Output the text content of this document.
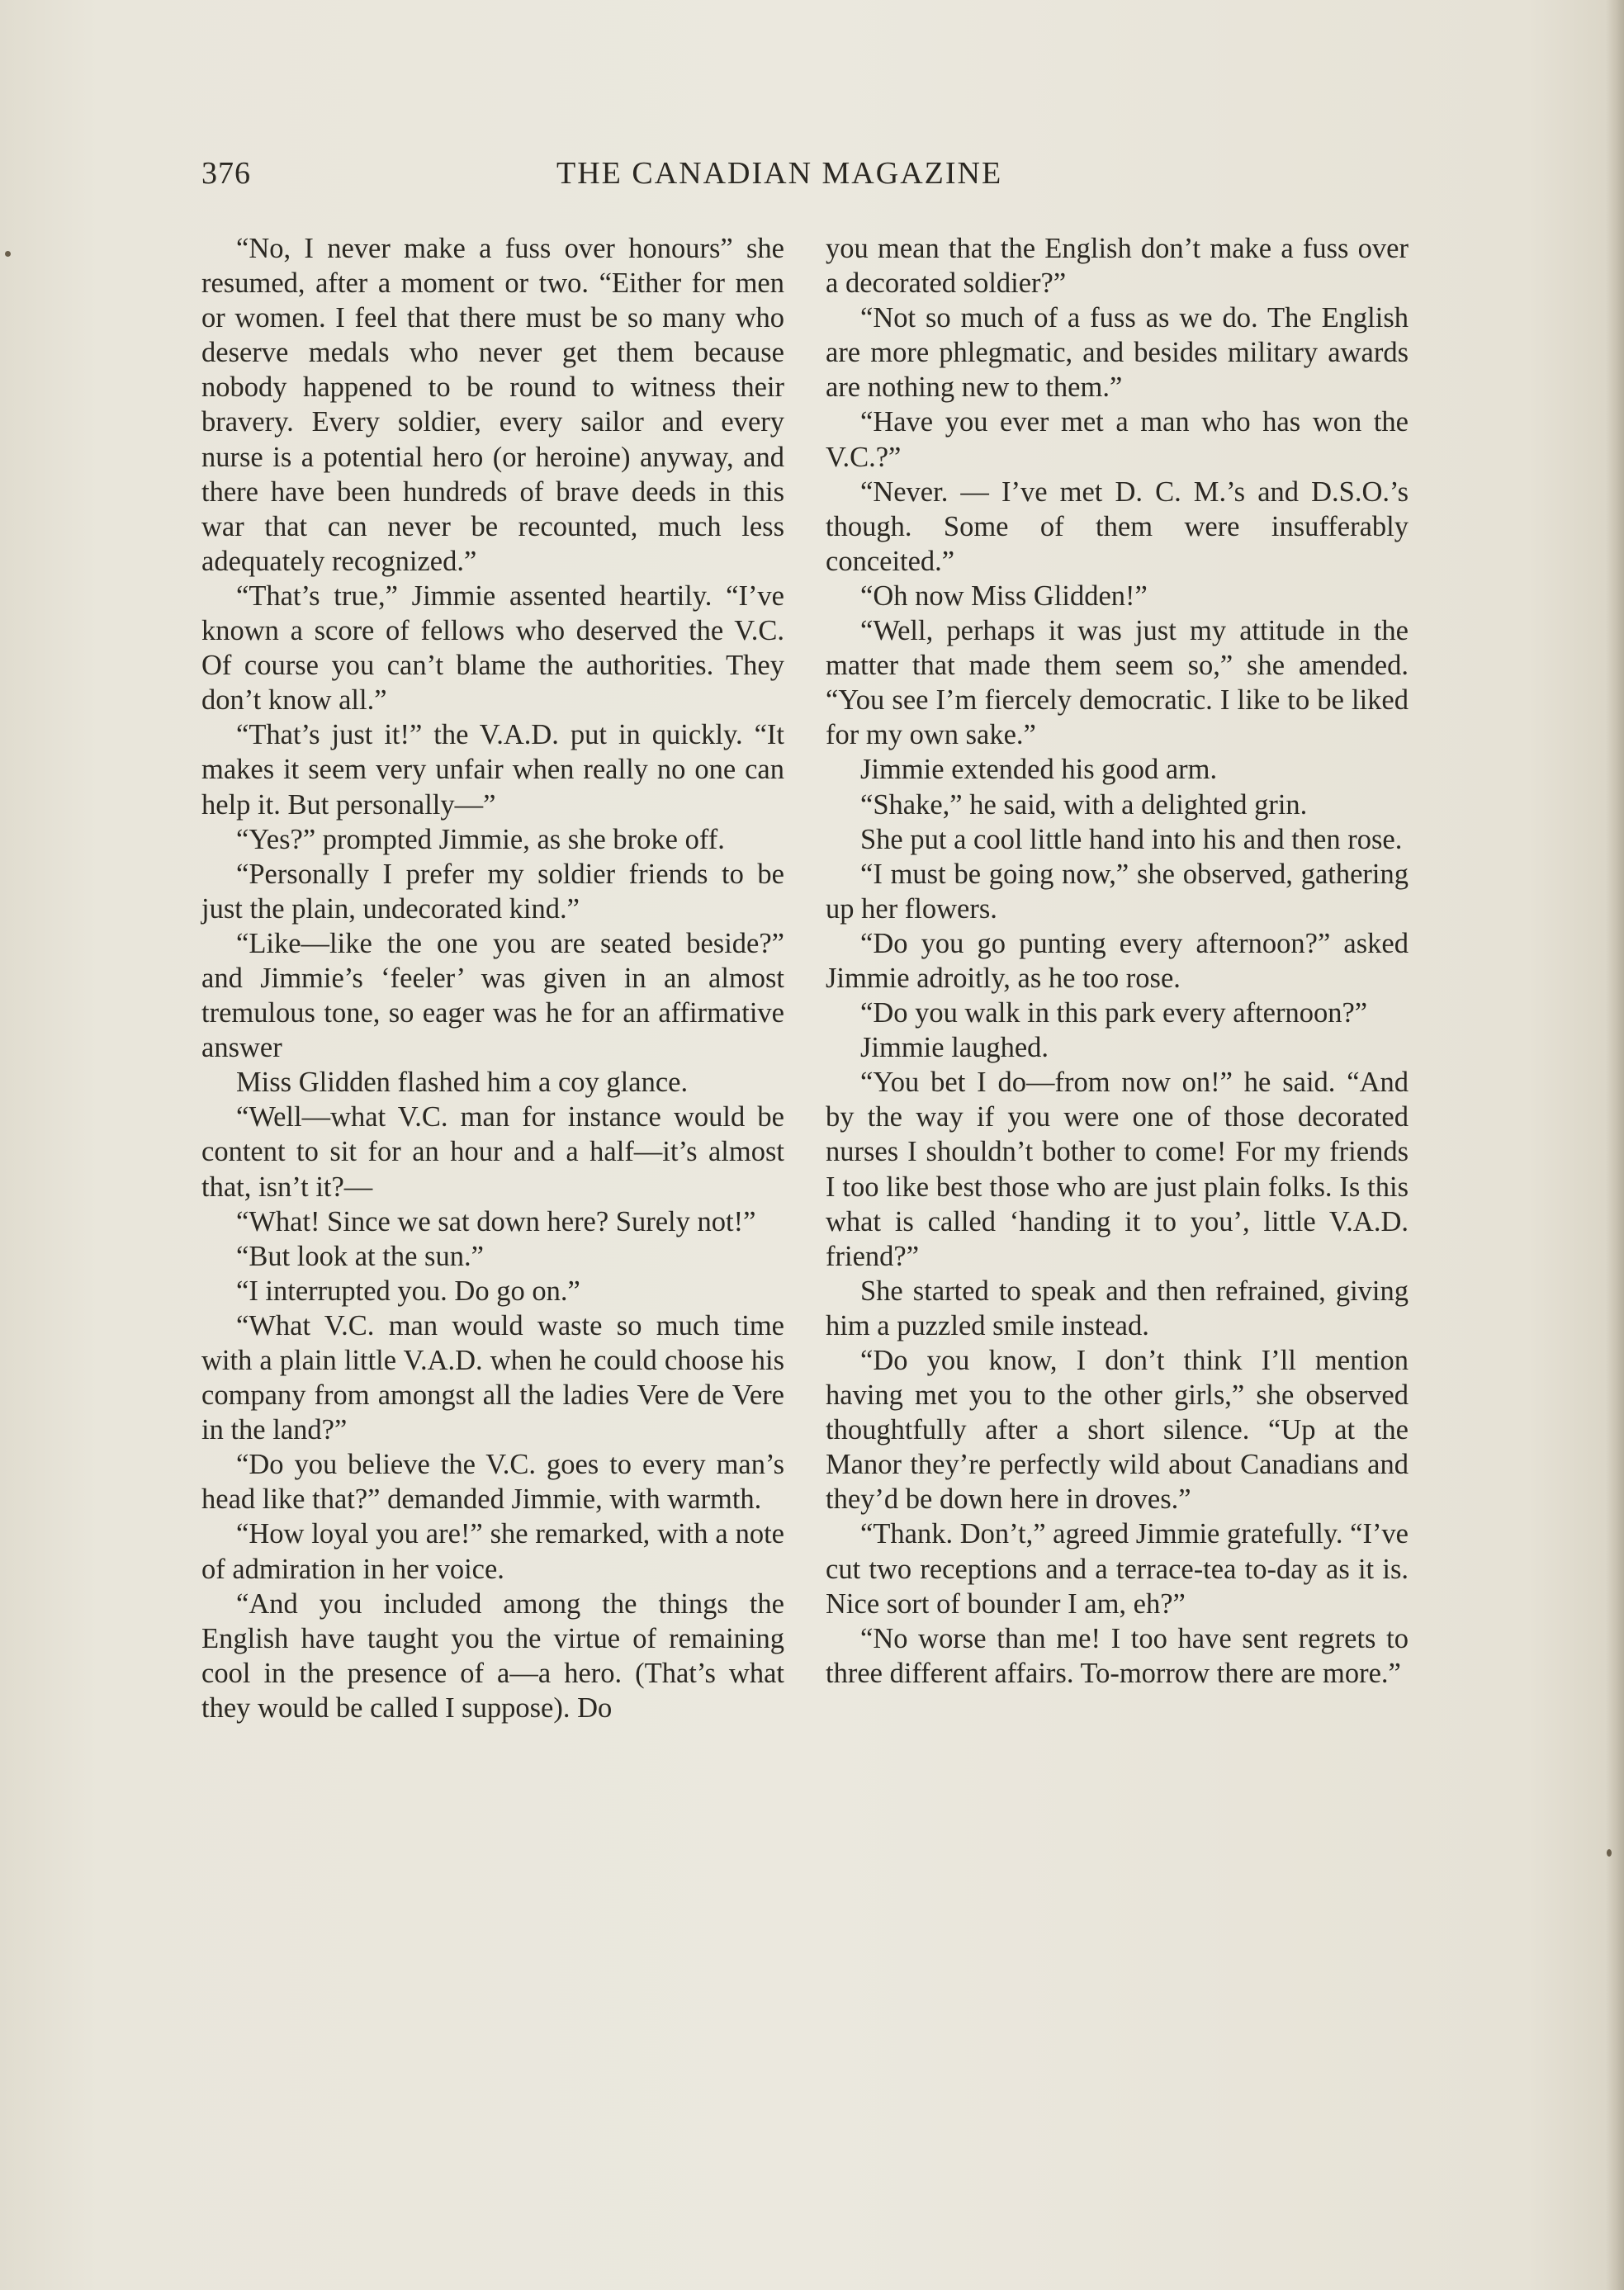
376	THE CANADIAN MAGAZINE

“No, I never make a fuss over honours” she resumed, after a moment or two. “Either for men or women. I feel that there must be so many who deserve medals who never get them because nobody happened to be round to witness their bravery. Every soldier, every sailor and every nurse is a potential hero (or heroine) anyway, and there have been hundreds of brave deeds in this war that can never be recounted, much less adequately recognized.”

“That’s true,” Jimmie assented heartily. “I’ve known a score of fellows who deserved the V.C. Of course you can’t blame the authorities. They don’t know all.”

“That’s just it!” the V.A.D. put in quickly. “It makes it seem very unfair when really no one can help it. But personally—”

“Yes?” prompted Jimmie, as she broke off.

“Personally I prefer my soldier friends to be just the plain, undecorated kind.”

“Like—like the one you are seated beside?” and Jimmie’s ‘feeler’ was given in an almost tremulous tone, so eager was he for an affirmative answer

Miss Glidden flashed him a coy glance.

“Well—what V.C. man for instance would be content to sit for an hour and a half—it’s almost that, isn’t it?—

“What! Since we sat down here? Surely not!”

“But look at the sun.”

“I interrupted you. Do go on.”

“What V.C. man would waste so much time with a plain little V.A.D. when he could choose his company from amongst all the ladies Vere de Vere in the land?”

“Do you believe the V.C. goes to every man’s head like that?” demanded Jimmie, with warmth.

“How loyal you are!” she remarked, with a note of admiration in her voice.

“And you included among the things the English have taught you the virtue of remaining cool in the presence of a—a hero. (That’s what they would be called I suppose). Do

you mean that the English don’t make a fuss over a decorated soldier?”

“Not so much of a fuss as we do. The English are more phlegmatic, and besides military awards are nothing new to them.”

“Have you ever met a man who has won the V.C.?”

“Never. — I’ve met D. C. M.’s and D.S.O.’s though. Some of them were insufferably conceited.”

“Oh now Miss Glidden!”

“Well, perhaps it was just my attitude in the matter that made them seem so,” she amended. “You see I’m fiercely democratic. I like to be liked for my own sake.”

Jimmie extended his good arm.

“Shake,” he said, with a delighted grin.

She put a cool little hand into his and then rose.

“I must be going now,” she observed, gathering up her flowers.

“Do you go punting every afternoon?” asked Jimmie adroitly, as he too rose.

“Do you walk in this park every afternoon?”

Jimmie laughed.

“You bet I do—from now on!” he said. “And by the way if you were one of those decorated nurses I shouldn’t bother to come! For my friends I too like best those who are just plain folks. Is this what is called ‘handing it to you’, little V.A.D. friend?”

She started to speak and then refrained, giving him a puzzled smile instead.

“Do you know, I don’t think I’ll mention having met you to the other girls,” she observed thoughtfully after a short silence. “Up at the Manor they’re perfectly wild about Canadians and they’d be down here in droves.”

“Thank. Don’t,” agreed Jimmie gratefully. “I’ve cut two receptions and a terrace-tea to-day as it is. Nice sort of bounder I am, eh?”

“No worse than me! I too have sent regrets to three different affairs. To-morrow there are more.”
